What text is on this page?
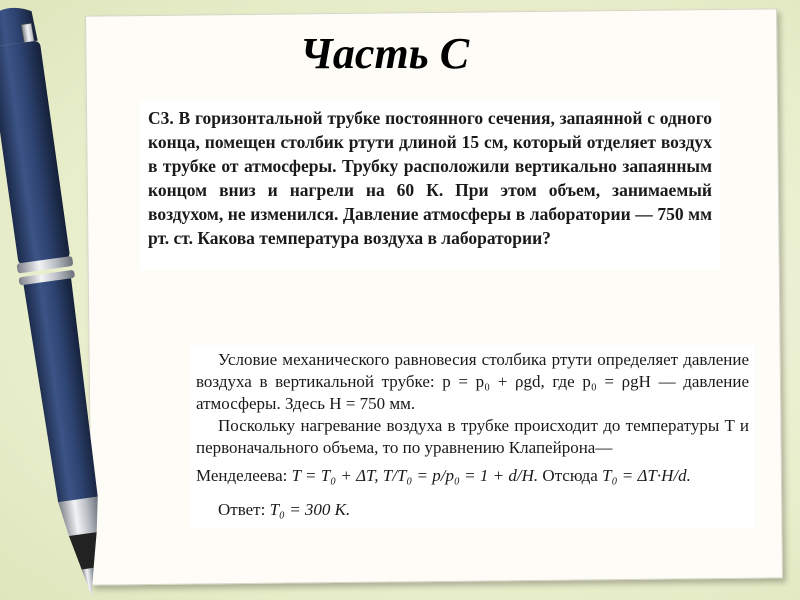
Часть С
С3. В горизонтальной трубке постоянного сечения, запаянной с одного конца, помещен столбик ртути длиной 15 см, который отделяет воздух в трубке от атмосферы. Трубку расположили вертикально запаянным концом вниз и нагрели на 60 К. При этом объем, занимаемый воздухом, не изменился. Давление атмосферы в лаборатории — 750 мм рт. ст. Какова температура воздуха в лаборатории?

Условие механического равновесия столбика ртути определяет давление воздуха в вертикальной трубке: p = p₀ + ρgd, где p₀ = ρgH — давление атмосферы. Здесь H = 750 мм.

Поскольку нагревание воздуха в трубке происходит до температуры T и первоначального объема, то по уравнению Клапейрона—

Менделеева: T = T₀ + ΔT, T/T₀ = p/p₀ = 1 + d/H. Отсюда T₀ = ΔT·H/d.

Ответ: T₀ = 300 К.
